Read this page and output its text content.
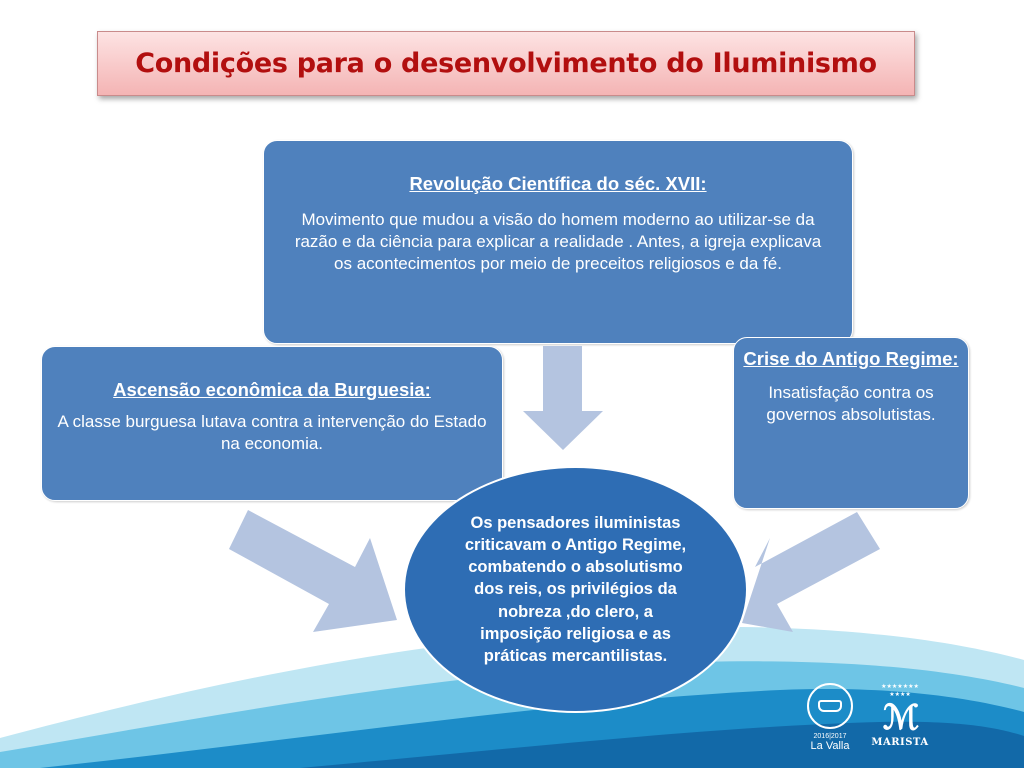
Condições para o desenvolvimento do Iluminismo
Revolução Científica do séc. XVII:
Movimento que mudou a visão do homem moderno ao utilizar-se da razão e da ciência para explicar a realidade . Antes, a igreja explicava os acontecimentos por meio de preceitos religiosos e da fé.
Ascensão econômica da Burguesia:
A classe burguesa lutava contra a intervenção do Estado na economia.
Crise do Antigo Regime:
Insatisfação contra os governos absolutistas.

Os pensadores iluministas criticavam o Antigo Regime, combatendo o absolutismo dos reis, os privilégios da nobreza ,do clero, a imposição religiosa e as práticas mercantilistas.

2016|2017
La Valla
★★★★★★★
★★★★
ℳ
MARISTA
